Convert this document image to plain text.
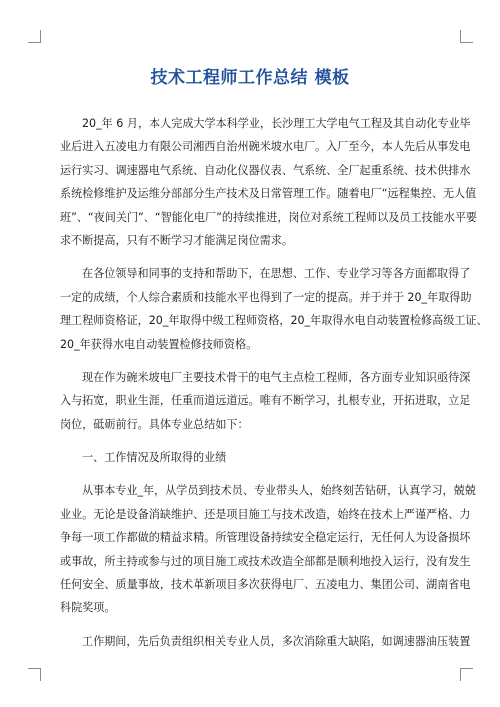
技术工程师工作总结 模板
20_年 6 月，本人完成大学本科学业，长沙理工大学电气工程及其自动化专业毕
业后进入五凌电力有限公司湘西自治州碗米坡水电厂。入厂至今，本人先后从事发电
运行实习、调速器电气系统、自动化仪器仪表、气系统、全厂起重系统、技术供排水
系统检修维护及运维分部部分生产技术及日常管理工作。随着电厂“远程集控、无人值
班”、“夜间关门”、“智能化电厂”的持续推进，岗位对系统工程师以及员工技能水平要
求不断提高，只有不断学习才能满足岗位需求。
在各位领导和同事的支持和帮助下，在思想、工作、专业学习等各方面都取得了
一定的成绩，个人综合素质和技能水平也得到了一定的提高。并于并于 20_年取得助
理工程师资格证，20_年取得中级工程师资格，20_年取得水电自动装置检修高级工证、
20_年获得水电自动装置检修技师资格。
现在作为碗米坡电厂主要技术骨干的电气主点检工程师，各方面专业知识亟待深
入与拓宽，职业生涯，任重而道远道远。唯有不断学习，扎根专业，开拓进取，立足
岗位，砥砺前行。具体专业总结如下：
一、工作情况及所取得的业绩
从事本专业_年，从学员到技术员、专业带头人，始终刻苦钻研，认真学习，兢兢
业业。无论是设备消缺维护、还是项目施工与技术改造，始终在技术上严谨严格、力
争每一项工作都做的精益求精。所管理设备持续安全稳定运行，无任何人为设备损坏
或事故，所主持或参与过的项目施工或技术改造全部都是顺利地投入运行，没有发生
任何安全、质量事故，技术革新项目多次获得电厂、五凌电力、集团公司、湖南省电
科院奖项。
工作期间，先后负责组织相关专业人员，多次消除重大缺陷，如调速器油压装置
